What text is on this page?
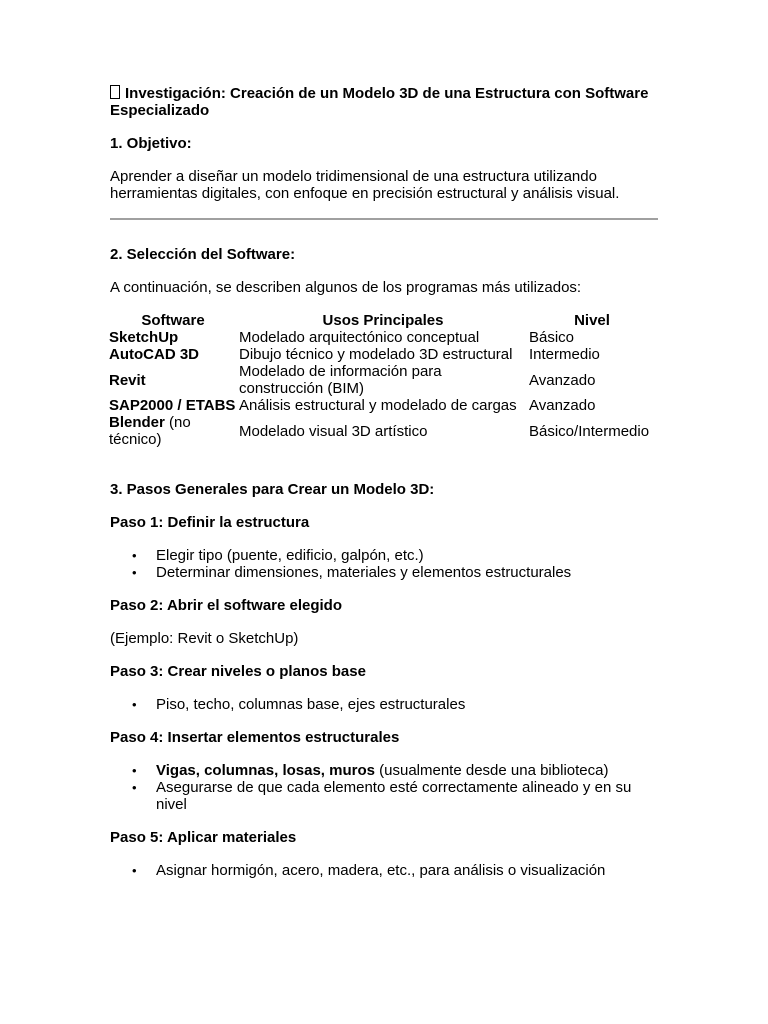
Investigación: Creación de un Modelo 3D de una Estructura con Software Especializado

1. Objetivo:

Aprender a diseñar un modelo tridimensional de una estructura utilizando herramientas digitales, con enfoque en precisión estructural y análisis visual.

2. Selección del Software:

A continuación, se describen algunos de los programas más utilizados:

Software	Usos Principales	Nivel
SketchUp	Modelado arquitectónico conceptual	Básico
AutoCAD 3D	Dibujo técnico y modelado 3D estructural	Intermedio
Revit	Modelado de información para construcción (BIM)	Avanzado
SAP2000 / ETABS	Análisis estructural y modelado de cargas	Avanzado
Blender (no técnico)	Modelado visual 3D artístico	Básico/Intermedio

3. Pasos Generales para Crear un Modelo 3D:

Paso 1: Definir la estructura

• Elegir tipo (puente, edificio, galpón, etc.)
• Determinar dimensiones, materiales y elementos estructurales

Paso 2: Abrir el software elegido

(Ejemplo: Revit o SketchUp)

Paso 3: Crear niveles o planos base

• Piso, techo, columnas base, ejes estructurales

Paso 4: Insertar elementos estructurales

• Vigas, columnas, losas, muros (usualmente desde una biblioteca)
• Asegurarse de que cada elemento esté correctamente alineado y en su nivel

Paso 5: Aplicar materiales

• Asignar hormigón, acero, madera, etc., para análisis o visualización
